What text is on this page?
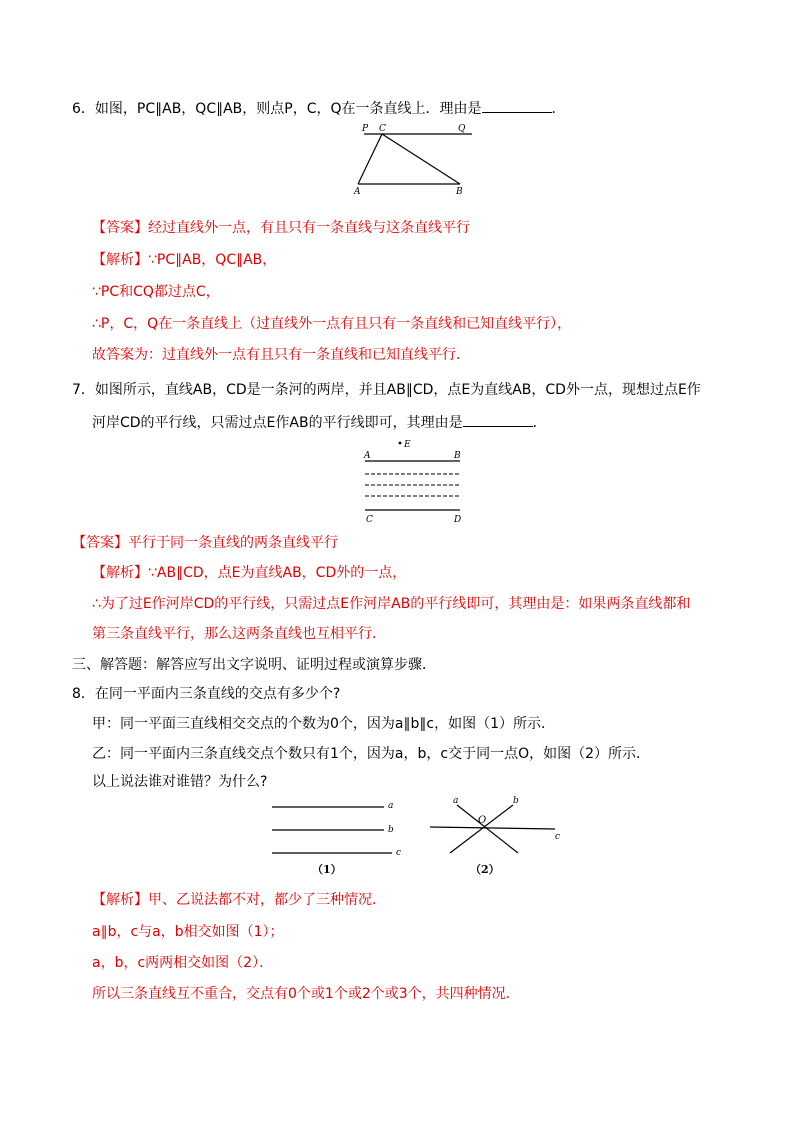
6．如图，PC∥AB，QC∥AB，则点P，C，Q在一条直线上．理由是	．
P C	Q
A	B
【答案】经过直线外一点，有且只有一条直线与这条直线平行
【解析】∵PC∥AB，QC∥AB，
∵PC和CQ都过点C，
∴P，C，Q在一条直线上（过直线外一点有且只有一条直线和已知直线平行），
故答案为：过直线外一点有且只有一条直线和已知直线平行．
7．如图所示，直线AB，CD是一条河的两岸，并且AB∥CD，点E为直线AB，CD外一点，现想过点E作
河岸CD的平行线，只需过点E作AB的平行线即可，其理由是	．
E
A	B
C	D
【答案】平行于同一条直线的两条直线平行
【解析】∵AB∥CD，点E为直线AB，CD外的一点，
∴为了过E作河岸CD的平行线，只需过点E作河岸AB的平行线即可，其理由是：如果两条直线都和
第三条直线平行，那么这两条直线也互相平行．
三、解答题：解答应写出文字说明、证明过程或演算步骤．
8．在同一平面内三条直线的交点有多少个?
甲：同一平面三直线相交交点的个数为0个，因为a∥b∥c，如图（1）所示．
乙：同一平面内三条直线交点个数只有1个，因为a，b，c交于同一点O，如图（2）所示．
以上说法谁对谁错？为什么?
a
b
c
（1）
a	b
c
O
（2）
【解析】甲、乙说法都不对，都少了三种情况．
a∥b，c与a，b相交如图（1）；
a，b，c两两相交如图（2）．
所以三条直线互不重合，交点有0个或1个或2个或3个，共四种情况．
